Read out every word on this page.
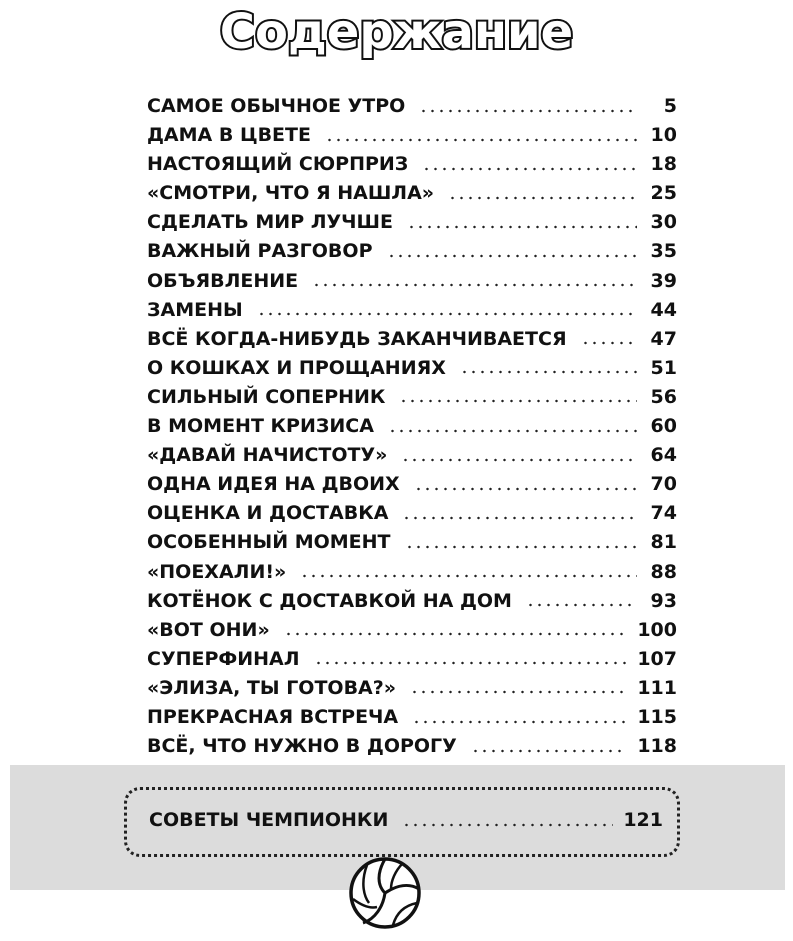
Содержание
САМОЕ ОБЫЧНОЕ УТРО	5
ДАМА В ЦВЕТЕ	10
НАСТОЯЩИЙ СЮРПРИЗ	18
«СМОТРИ, ЧТО Я НАШЛА»	25
СДЕЛАТЬ МИР ЛУЧШЕ	30
ВАЖНЫЙ РАЗГОВОР	35
ОБЪЯВЛЕНИЕ	39
ЗАМЕНЫ	44
ВСЁ КОГДА-НИБУДЬ ЗАКАНЧИВАЕТСЯ	47
О КОШКАХ И ПРОЩАНИЯХ	51
СИЛЬНЫЙ СОПЕРНИК	56
В МОМЕНТ КРИЗИСА	60
«ДАВАЙ НАЧИСТОТУ»	64
ОДНА ИДЕЯ НА ДВОИХ	70
ОЦЕНКА И ДОСТАВКА	74
ОСОБЕННЫЙ МОМЕНТ	81
«ПОЕХАЛИ!»	88
КОТЁНОК С ДОСТАВКОЙ НА ДОМ	93
«ВОТ ОНИ»	100
СУПЕРФИНАЛ	107
«ЭЛИЗА, ТЫ ГОТОВА?»	111
ПРЕКРАСНАЯ ВСТРЕЧА	115
ВСЁ, ЧТО НУЖНО В ДОРОГУ	118
СОВЕТЫ ЧЕМПИОНКИ	121
